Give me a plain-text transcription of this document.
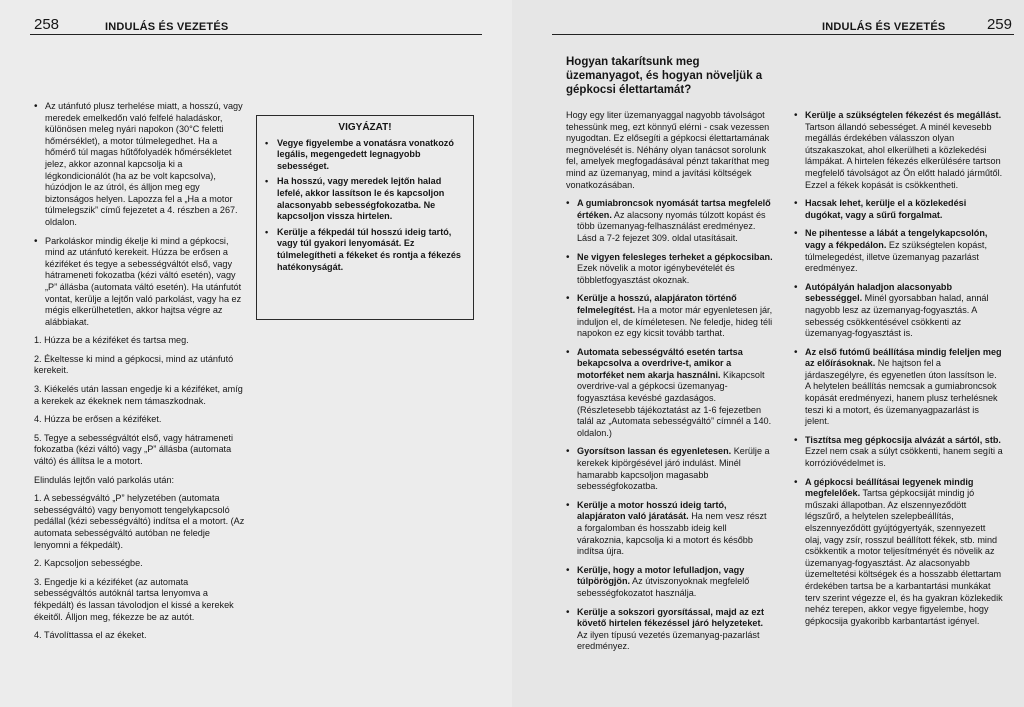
258	INDULÁS ÉS VEZETÉS

• Az utánfutó plusz terhelése miatt, a hosszú, vagy meredek emelkedőn való felfelé haladáskor, különösen meleg nyári napokon (30°C feletti hőmérséklet), a motor túlmelegedhet. Ha a hőmérő túl magas hűtőfolyadék hőmérsékletet jelez, akkor azonnal kapcsolja ki a légkondicionálót (ha az be volt kapcsolva), húzódjon le az útról, és álljon meg egy biztonságos helyen. Lapozza fel a „Ha a motor túlmelegszik” című fejezetet a 4. részben a 267. oldalon.

• Parkoláskor mindig ékelje ki mind a gépkocsi, mind az utánfutó kerekeit. Húzza be erősen a kéziféket és tegye a sebességváltót első, vagy hátrameneti fokozatba (kézi váltó esetén), vagy „P” állásba (automata váltó esetén). Ha utánfutót vontat, kerülje a lejtőn való parkolást, vagy ha ez mégis elkerülhetetlen, akkor hajtsa végre az alábbiakat.

1. Húzza be a kéziféket és tartsa meg.

2. Ékeltesse ki mind a gépkocsi, mind az utánfutó kerekeit.

3. Kiékelés után lassan engedje ki a kéziféket, amíg a kerekek az ékeknek nem támaszkodnak.

4. Húzza be erősen a kéziféket.

5. Tegye a sebességváltót első, vagy hátrameneti fokozatba (kézi váltó) vagy „P” állásba (automata váltó) és állítsa le a motort.

Elindulás lejtőn való parkolás után:

1. A sebességváltó „P” helyzetében (automata sebességváltó) vagy benyomott tengelykapcsoló pedállal (kézi sebességváltó) indítsa el a motort. (Az automata sebességváltó autóban ne feledje lenyomni a fékpedált).

2. Kapcsoljon sebességbe.

3. Engedje ki a kéziféket (az automata sebességváltós autóknál tartsa lenyomva a fékpedált) és lassan távolodjon el kissé a kerekek ékeitől. Álljon meg, fékezze be az autót.

4. Távolíttassa el az ékeket.

VIGYÁZAT!
• Vegye figyelembe a vonatásra vonatkozó legális, megengedett legnagyobb sebességet.
• Ha hosszú, vagy meredek lejtőn halad lefelé, akkor lassítson le és kapcsoljon alacsonyabb sebességfokozatba. Ne kapcsoljon vissza hirtelen.
• Kerülje a fékpedál túl hosszú ideig tartó, vagy túl gyakori lenyomását. Ez túlmelegítheti a fékeket és rontja a fékezés hatékonyságát.
INDULÁS ÉS VEZETÉS	259
Hogyan takarítsunk meg üzemanyagot, és hogyan növeljük a gépkocsi élettartamát?

Hogy egy liter üzemanyaggal nagyobb távolságot tehessünk meg, ezt könnyű elérni - csak vezessen nyugodtan. Ez elősegíti a gépkocsi élettartamának megnövelését is. Néhány olyan tanácsot sorolunk fel, amelyek megfogadásával pénzt takaríthat meg mind az üzemanyag, mind a javítási költségek vonatkozásában.

• A gumiabroncsok nyomását tartsa megfelelő értéken. Az alacsony nyomás túlzott kopást és több üzemanyag-felhasználást eredményez. Lásd a 7-2 fejezet 309. oldal utasításait.

• Ne vigyen felesleges terheket a gépkocsiban. Ezek növelik a motor igénybevételét és többletfogyasztást okoznak.

• Kerülje a hosszú, alapjáraton történő felmelegítést. Ha a motor már egyenletesen jár, induljon el, de kíméletesen. Ne feledje, hideg téli napokon ez egy kicsit tovább tarthat.

• Automata sebességváltó esetén tartsa bekapcsolva a overdrive-t, amikor a motorféket nem akarja használni. Kikapcsolt overdrive-val a gépkocsi üzemanyag-fogyasztása kevésbé gazdaságos. (Részletesebb tájékoztatást az 1-6 fejezetben talál az „Automata sebességváltó” címnél a 140. oldalon.)

• Gyorsítson lassan és egyenletesen. Kerülje a kerekek kipörgésével járó indulást. Minél hamarabb kapcsoljon magasabb sebességfokozatba.

• Kerülje a motor hosszú ideig tartó, alapjáraton való járatását. Ha nem vesz részt a forgalomban és hosszabb ideig kell várakoznia, kapcsolja ki a motort és később indítsa újra.

• Kerülje, hogy a motor lefulladjon, vagy túlpörögjön. Az útviszonyoknak megfelelő sebességfokozatot használja.

• Kerülje a sokszori gyorsítással, majd az ezt követő hirtelen fékezéssel járó helyzeteket. Az ilyen típusú vezetés üzemanyag-pazarlást eredményez.

• Kerülje a szükségtelen fékezést és megállást. Tartson állandó sebességet. A minél kevesebb megállás érdekében válasszon olyan útszakaszokat, ahol elkerülheti a közlekedési lámpákat. A hirtelen fékezés elkerülésére tartson megfelelő távolságot az Ön előtt haladó járműtől. Ezzel a fékek kopását is csökkentheti.

• Hacsak lehet, kerülje el a közlekedési dugókat, vagy a sűrű forgalmat.

• Ne pihentesse a lábát a tengelykapcsolón, vagy a fékpedálon. Ez szükségtelen kopást, túlmelegedést, illetve üzemanyag pazarlást eredményez.

• Autópályán haladjon alacsonyabb sebességgel. Minél gyorsabban halad, annál nagyobb lesz az üzemanyag-fogyasztás. A sebesség csökkentésével csökkenti az üzemanyag-fogyasztást is.

• Az első futómű beállítása mindig feleljen meg az előírásoknak. Ne hajtson fel a járdaszegélyre, és egyenetlen úton lassítson le. A helytelen beállítás nemcsak a gumiabroncsok kopását eredményezi, hanem plusz terhelésnek teszi ki a motort, és üzemanyagpazarlást is jelent.

• Tisztítsa meg gépkocsija alvázát a sártól, stb. Ezzel nem csak a súlyt csökkenti, hanem segíti a korrózióvédelmet is.

• A gépkocsi beállításai legyenek mindig megfelelőek. Tartsa gépkocsiját mindig jó műszaki állapotban. Az elszennyeződött légszűrő, a helytelen szelepbeállítás, elszennyeződött gyújtógyertyák, szennyezett olaj, vagy zsír, rosszul beállított fékek, stb. mind csökkentik a motor teljesítményét és növelik az üzemanyag-fogyasztást. Az alacsonyabb üzemeltetési költségek és a hosszabb élettartam érdekében tartsa be a karbantartási munkákat terv szerint végezze el, és ha gyakran közlekedik nehéz terepen, akkor vegye figyelembe, hogy gépkocsija gyakoribb karbantartást igényel.
